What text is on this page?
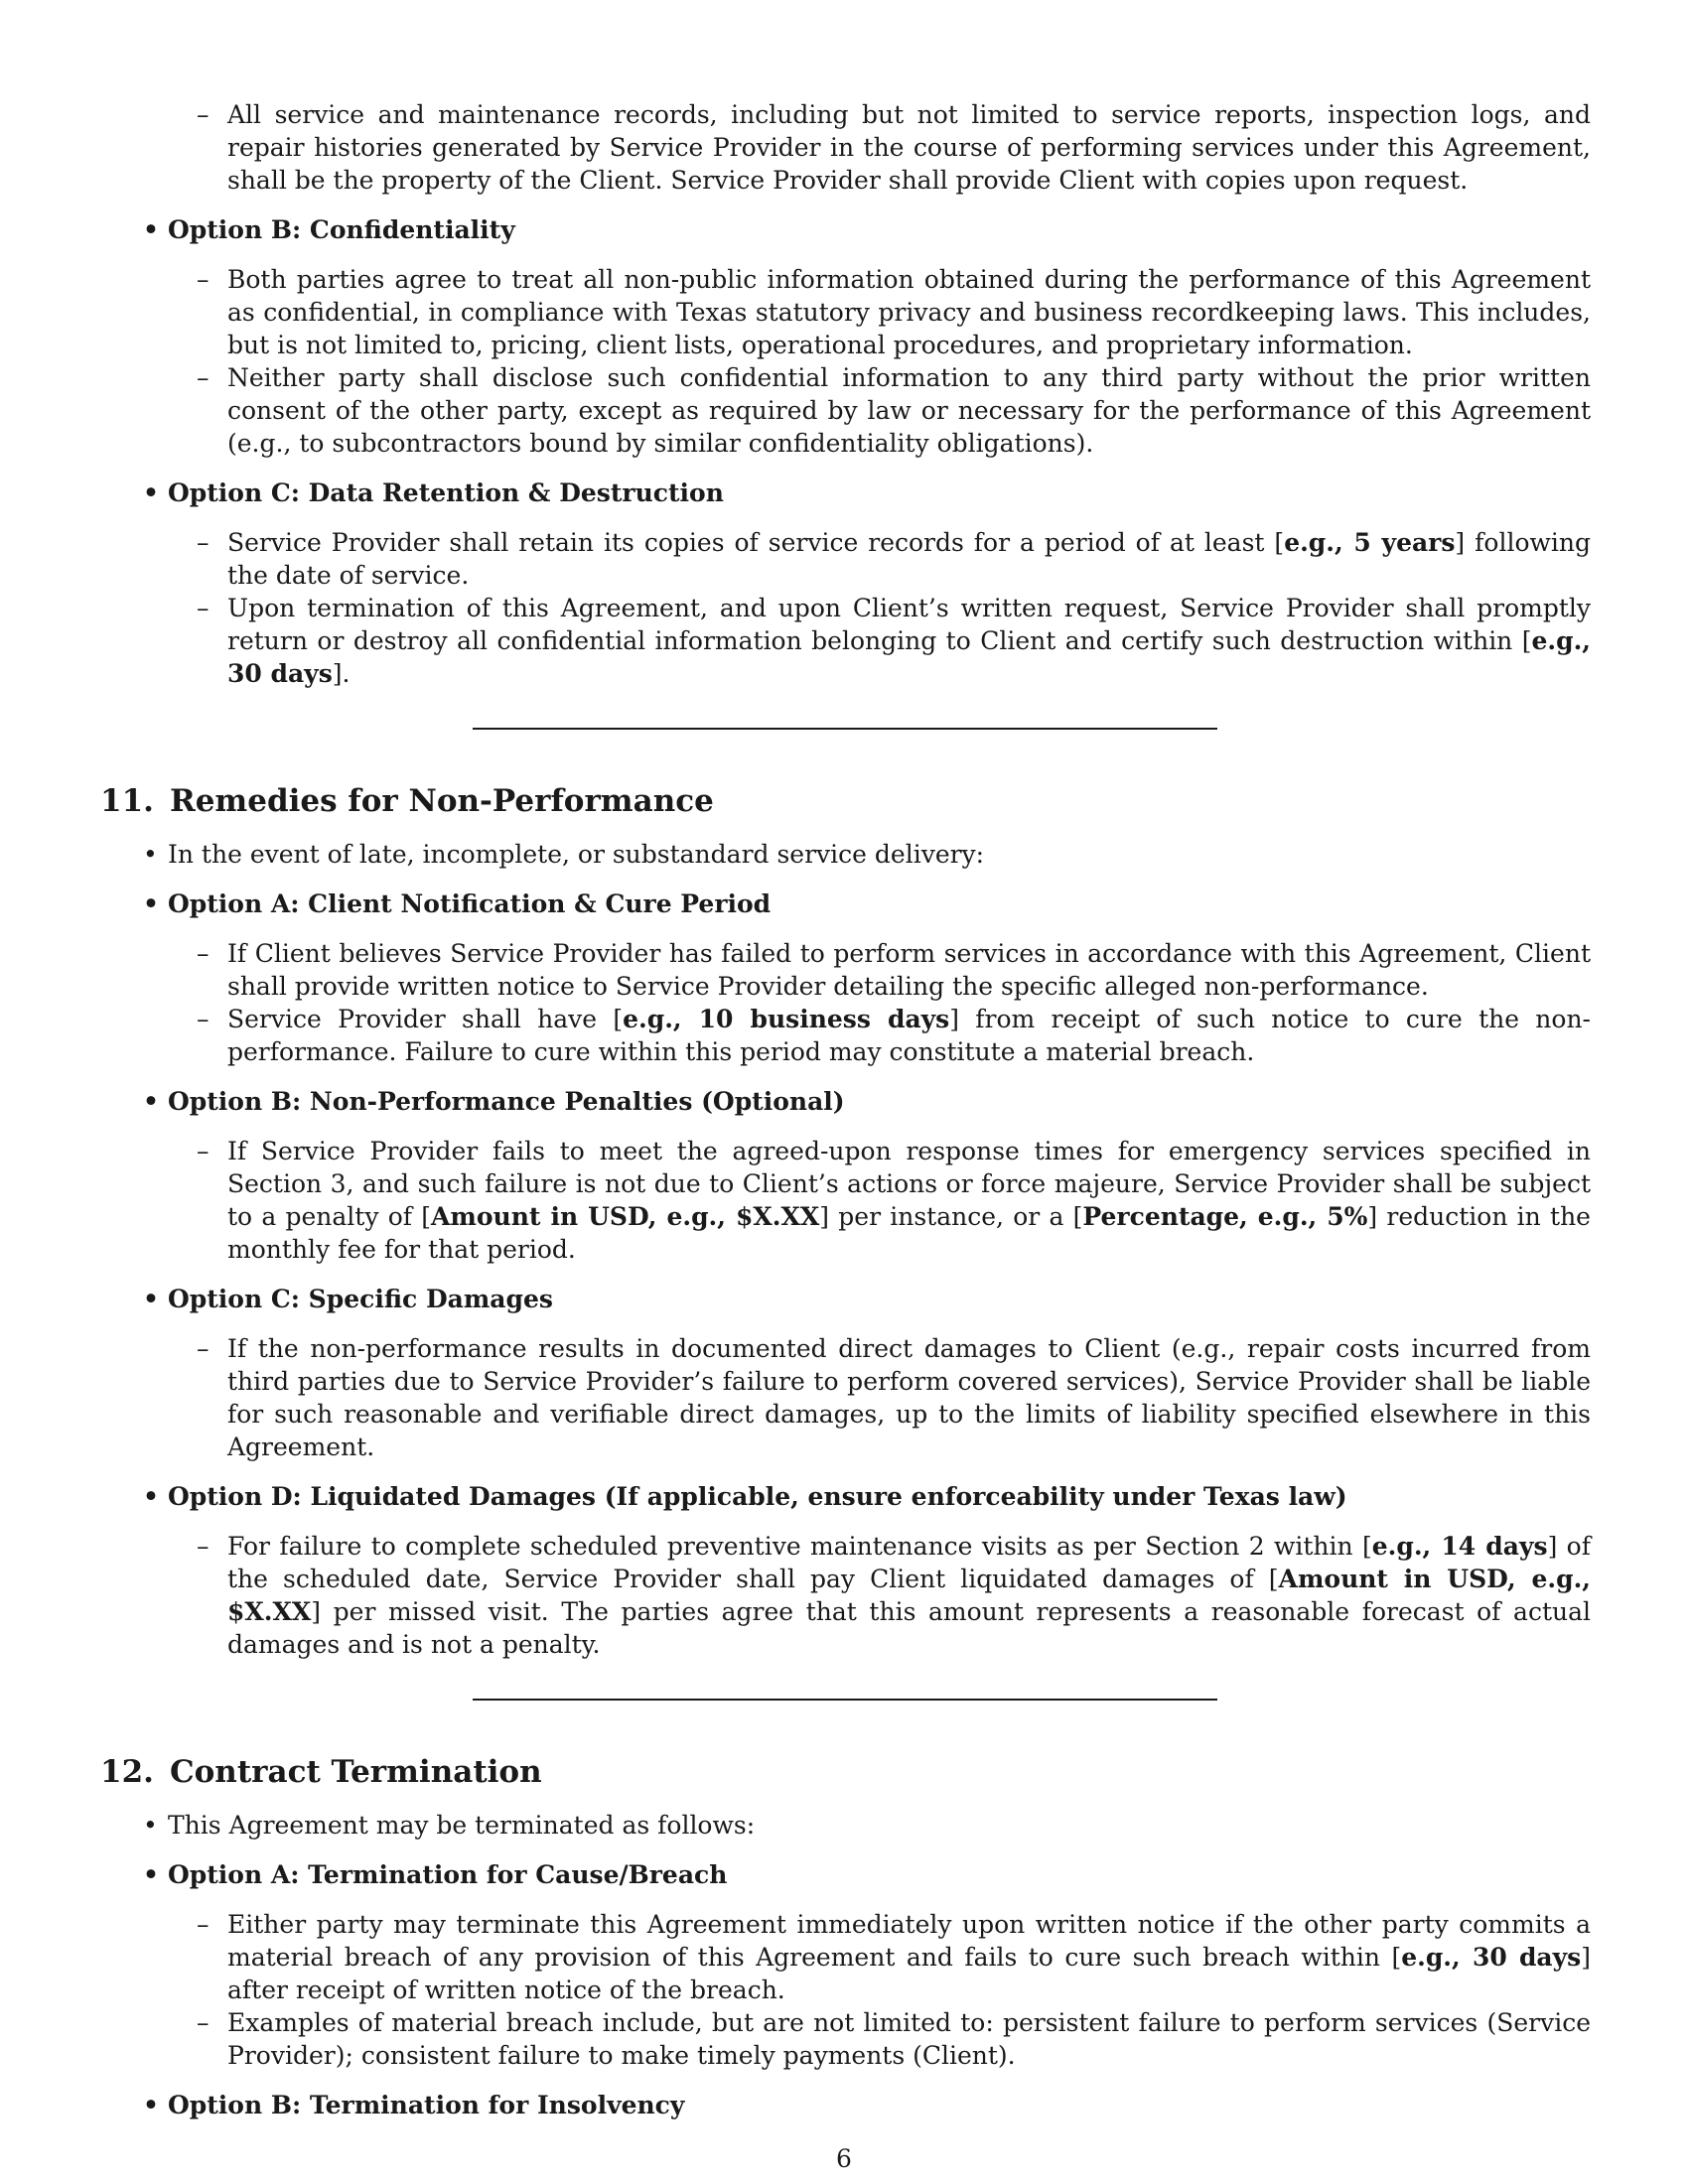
– All service and maintenance records, including but not limited to service reports, inspection logs, and repair histories generated by Service Provider in the course of performing services under this Agreement, shall be the property of the Client. Service Provider shall provide Client with copies upon request.
• Option B: Confidentiality
– Both parties agree to treat all non-public information obtained during the performance of this Agreement as confidential, in compliance with Texas statutory privacy and business recordkeeping laws. This includes, but is not limited to, pricing, client lists, operational procedures, and proprietary information.
– Neither party shall disclose such confidential information to any third party without the prior written consent of the other party, except as required by law or necessary for the performance of this Agreement (e.g., to subcontractors bound by similar confidentiality obligations).
• Option C: Data Retention & Destruction
– Service Provider shall retain its copies of service records for a period of at least [e.g., 5 years] following the date of service.
– Upon termination of this Agreement, and upon Client’s written request, Service Provider shall promptly return or destroy all confidential information belonging to Client and certify such destruction within [e.g., 30 days].
11. Remedies for Non-Performance
• In the event of late, incomplete, or substandard service delivery:
• Option A: Client Notification & Cure Period
– If Client believes Service Provider has failed to perform services in accordance with this Agreement, Client shall provide written notice to Service Provider detailing the specific alleged non-performance.
– Service Provider shall have [e.g., 10 business days] from receipt of such notice to cure the non-performance. Failure to cure within this period may constitute a material breach.
• Option B: Non-Performance Penalties (Optional)
– If Service Provider fails to meet the agreed-upon response times for emergency services specified in Section 3, and such failure is not due to Client’s actions or force majeure, Service Provider shall be subject to a penalty of [Amount in USD, e.g., $X.XX] per instance, or a [Percentage, e.g., 5%] reduction in the monthly fee for that period.
• Option C: Specific Damages
– If the non-performance results in documented direct damages to Client (e.g., repair costs incurred from third parties due to Service Provider’s failure to perform covered services), Service Provider shall be liable for such reasonable and verifiable direct damages, up to the limits of liability specified elsewhere in this Agreement.
• Option D: Liquidated Damages (If applicable, ensure enforceability under Texas law)
– For failure to complete scheduled preventive maintenance visits as per Section 2 within [e.g., 14 days] of the scheduled date, Service Provider shall pay Client liquidated damages of [Amount in USD, e.g., $X.XX] per missed visit. The parties agree that this amount represents a reasonable forecast of actual damages and is not a penalty.
12. Contract Termination
• This Agreement may be terminated as follows:
• Option A: Termination for Cause/Breach
– Either party may terminate this Agreement immediately upon written notice if the other party commits a material breach of any provision of this Agreement and fails to cure such breach within [e.g., 30 days] after receipt of written notice of the breach.
– Examples of material breach include, but are not limited to: persistent failure to perform services (Service Provider); consistent failure to make timely payments (Client).
• Option B: Termination for Insolvency
6
